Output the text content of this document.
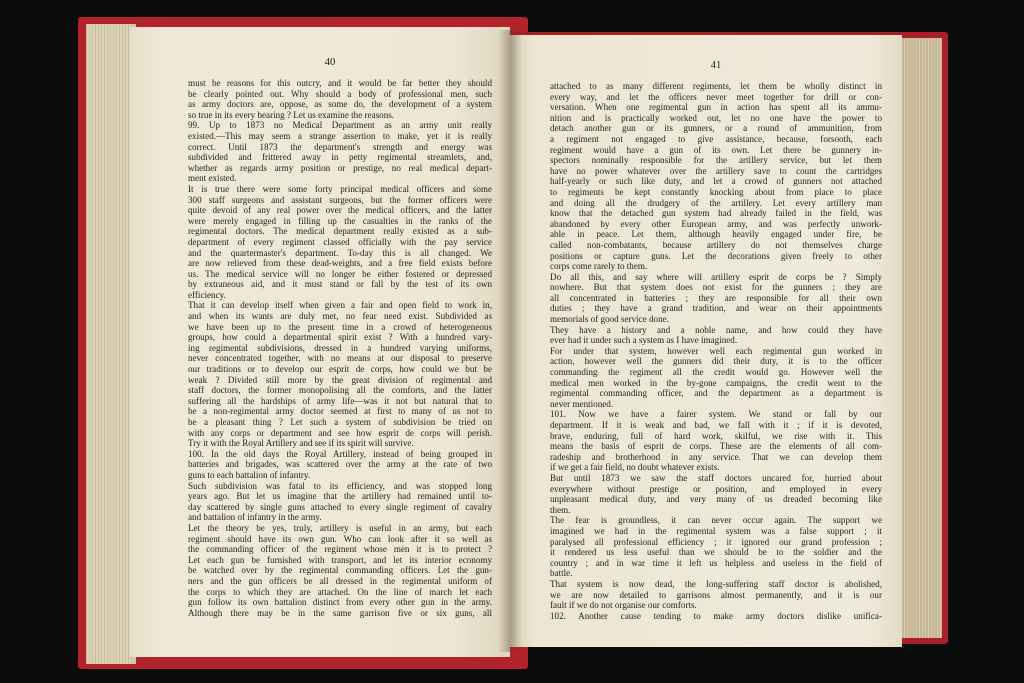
40
must be reasons for this outcry, and it would be far better they should
be clearly pointed out. Why should a body of professional men, such
as army doctors are, oppose, as some do, the development of a system
so true in its every bearing ? Let us examine the reasons.
99. Up to 1873 no Medical Department as an army unit really
existed.—This may seem a strange assertion to make, yet it is really
correct. Until 1873 the department's strength and energy was
subdivided and frittered away in petty regimental streamlets, and,
whether as regards army position or prestige, no real medical depart-
ment existed.
It is true there were some forty principal medical officers and some
300 staff surgeons and assistant surgeons, but the former officers were
quite devoid of any real power over the medical officers, and the latter
were merely engaged in filling up the casualties in the ranks of the
regimental doctors. The medical department really existed as a sub-
department of every regiment classed officially with the pay service
and the quartermaster's department. To-day this is all changed. We
are now relieved from these dead-weights, and a free field exists before
us. The medical service will no longer be either fostered or depressed
by extraneous aid, and it must stand or fall by the test of its own
efficiency.
That it can develop itself when given a fair and open field to work in,
and when its wants are duly met, no fear need exist. Subdivided as
we have been up to the present time in a crowd of heterogeneous
groups, how could a departmental spirit exist ? With a hundred vary-
ing regimental subdivisions, dressed in a hundred varying uniforms,
never concentrated together, with no means at our disposal to preserve
our traditions or to develop our esprit de corps, how could we but be
weak ? Divided still more by the great division of regimental and
staff doctors, the former monopolising all the comforts, and the latter
suffering all the hardships of army life—was it not but natural that to
be a non-regimental army doctor seemed at first to many of us not to
be a pleasant thing ? Let such a system of subdivision be tried on
with any corps or department and see how esprit de corps will perish.
Try it with the Royal Artillery and see if its spirit will survive.
100. In the old days the Royal Artillery, instead of being grouped in
batteries and brigades, was scattered over the army at the rate of two
guns to each battalion of infantry.
Such subdivision was fatal to its efficiency, and was stopped long
years ago. But let us imagine that the artillery had remained until to-
day scattered by single guns attached to every single regiment of cavalry
and battalion of infantry in the army.
Let the theory be yes, truly, artillery is useful in an army, but each
regiment should have its own gun. Who can look after it so well as
the commanding officer of the regiment whose men it is to protect ?
Let each gun be furnished with transport, and let its interior economy
be watched over by the regimental commanding officers. Let the gun-
ners and the gun officers be all dressed in the regimental uniform of
the corps to which they are attached. On the line of march let each
gun follow its own battalion distinct from every other gun in the army.
Although there may be in the same garrison five or six guns, all
41
attached to as many different regiments, let them be wholly distinct in
every way, and let the officers never meet together for drill or con-
versation. When one regimental gun in action has spent all its ammu-
nition and is practically worked out, let no one have the power to
detach another gun or its gunners, or a round of ammunition, from
a regiment not engaged to give assistance, because, forsooth, each
regiment would have a gun of its own. Let there be gunnery in-
spectors nominally responsible for the artillery service, but let them
have no power whatever over the artillery save to count the cartridges
half-yearly or such like duty, and let a crowd of gunners not attached
to regiments be kept constantly knocking about from place to place
and doing all the drudgery of the artillery. Let every artillery man
know that the detached gun system had already failed in the field, was
abandoned by every other European army, and was perfectly unwork-
able in peace. Let them, although heavily engaged under fire, be
called non-combatants, because artillery do not themselves charge
positions or capture guns. Let the decorations given freely to other
corps come rarely to them.
Do all this, and say where will artillery esprit de corps be ? Simply
nowhere. But that system does not exist for the gunners ; they are
all concentrated in batteries ; they are responsible for all their own
duties ; they have a grand tradition, and wear on their appointments
memorials of good service done.
They have a history and a noble name, and how could they have
ever had it under such a system as I have imagined.
For under that system, however well each regimental gun worked in
action, however well the gunners did their duty, it is to the officer
commanding the regiment all the credit would go. However well the
medical men worked in the by-gone campaigns, the credit went to the
regimental commanding officer, and the department as a department is
never mentioned.
101. Now we have a fairer system. We stand or fall by our
department. If it is weak and bad, we fall with it ; if it is devoted,
brave, enduring, full of hard work, skilful, we rise with it. This
means the basis of esprit de corps. These are the elements of all com-
radeship and brotherhood in any service. That we can develop them
if we get a fair field, no doubt whatever exists.
But until 1873 we saw the staff doctors uncared for, hurried about
everywhere without prestige or position, and employed in every
unpleasant medical duty, and very many of us dreaded becoming like
them.
The fear is groundless, it can never occur again. The support we
imagined we had in the regimental system was a false support ; it
paralysed all professional efficiency ; it ignored our grand profession ;
it rendered us less useful than we should be to the soldier and the
country ; and in war time it left us helpless and useless in the field of
battle.
That system is now dead, the long-suffering staff doctor is abolished,
we are now detailed to garrisons almost permanently, and it is our
fault if we do not organise our comforts.
102. Another cause tending to make army doctors dislike unifica-
